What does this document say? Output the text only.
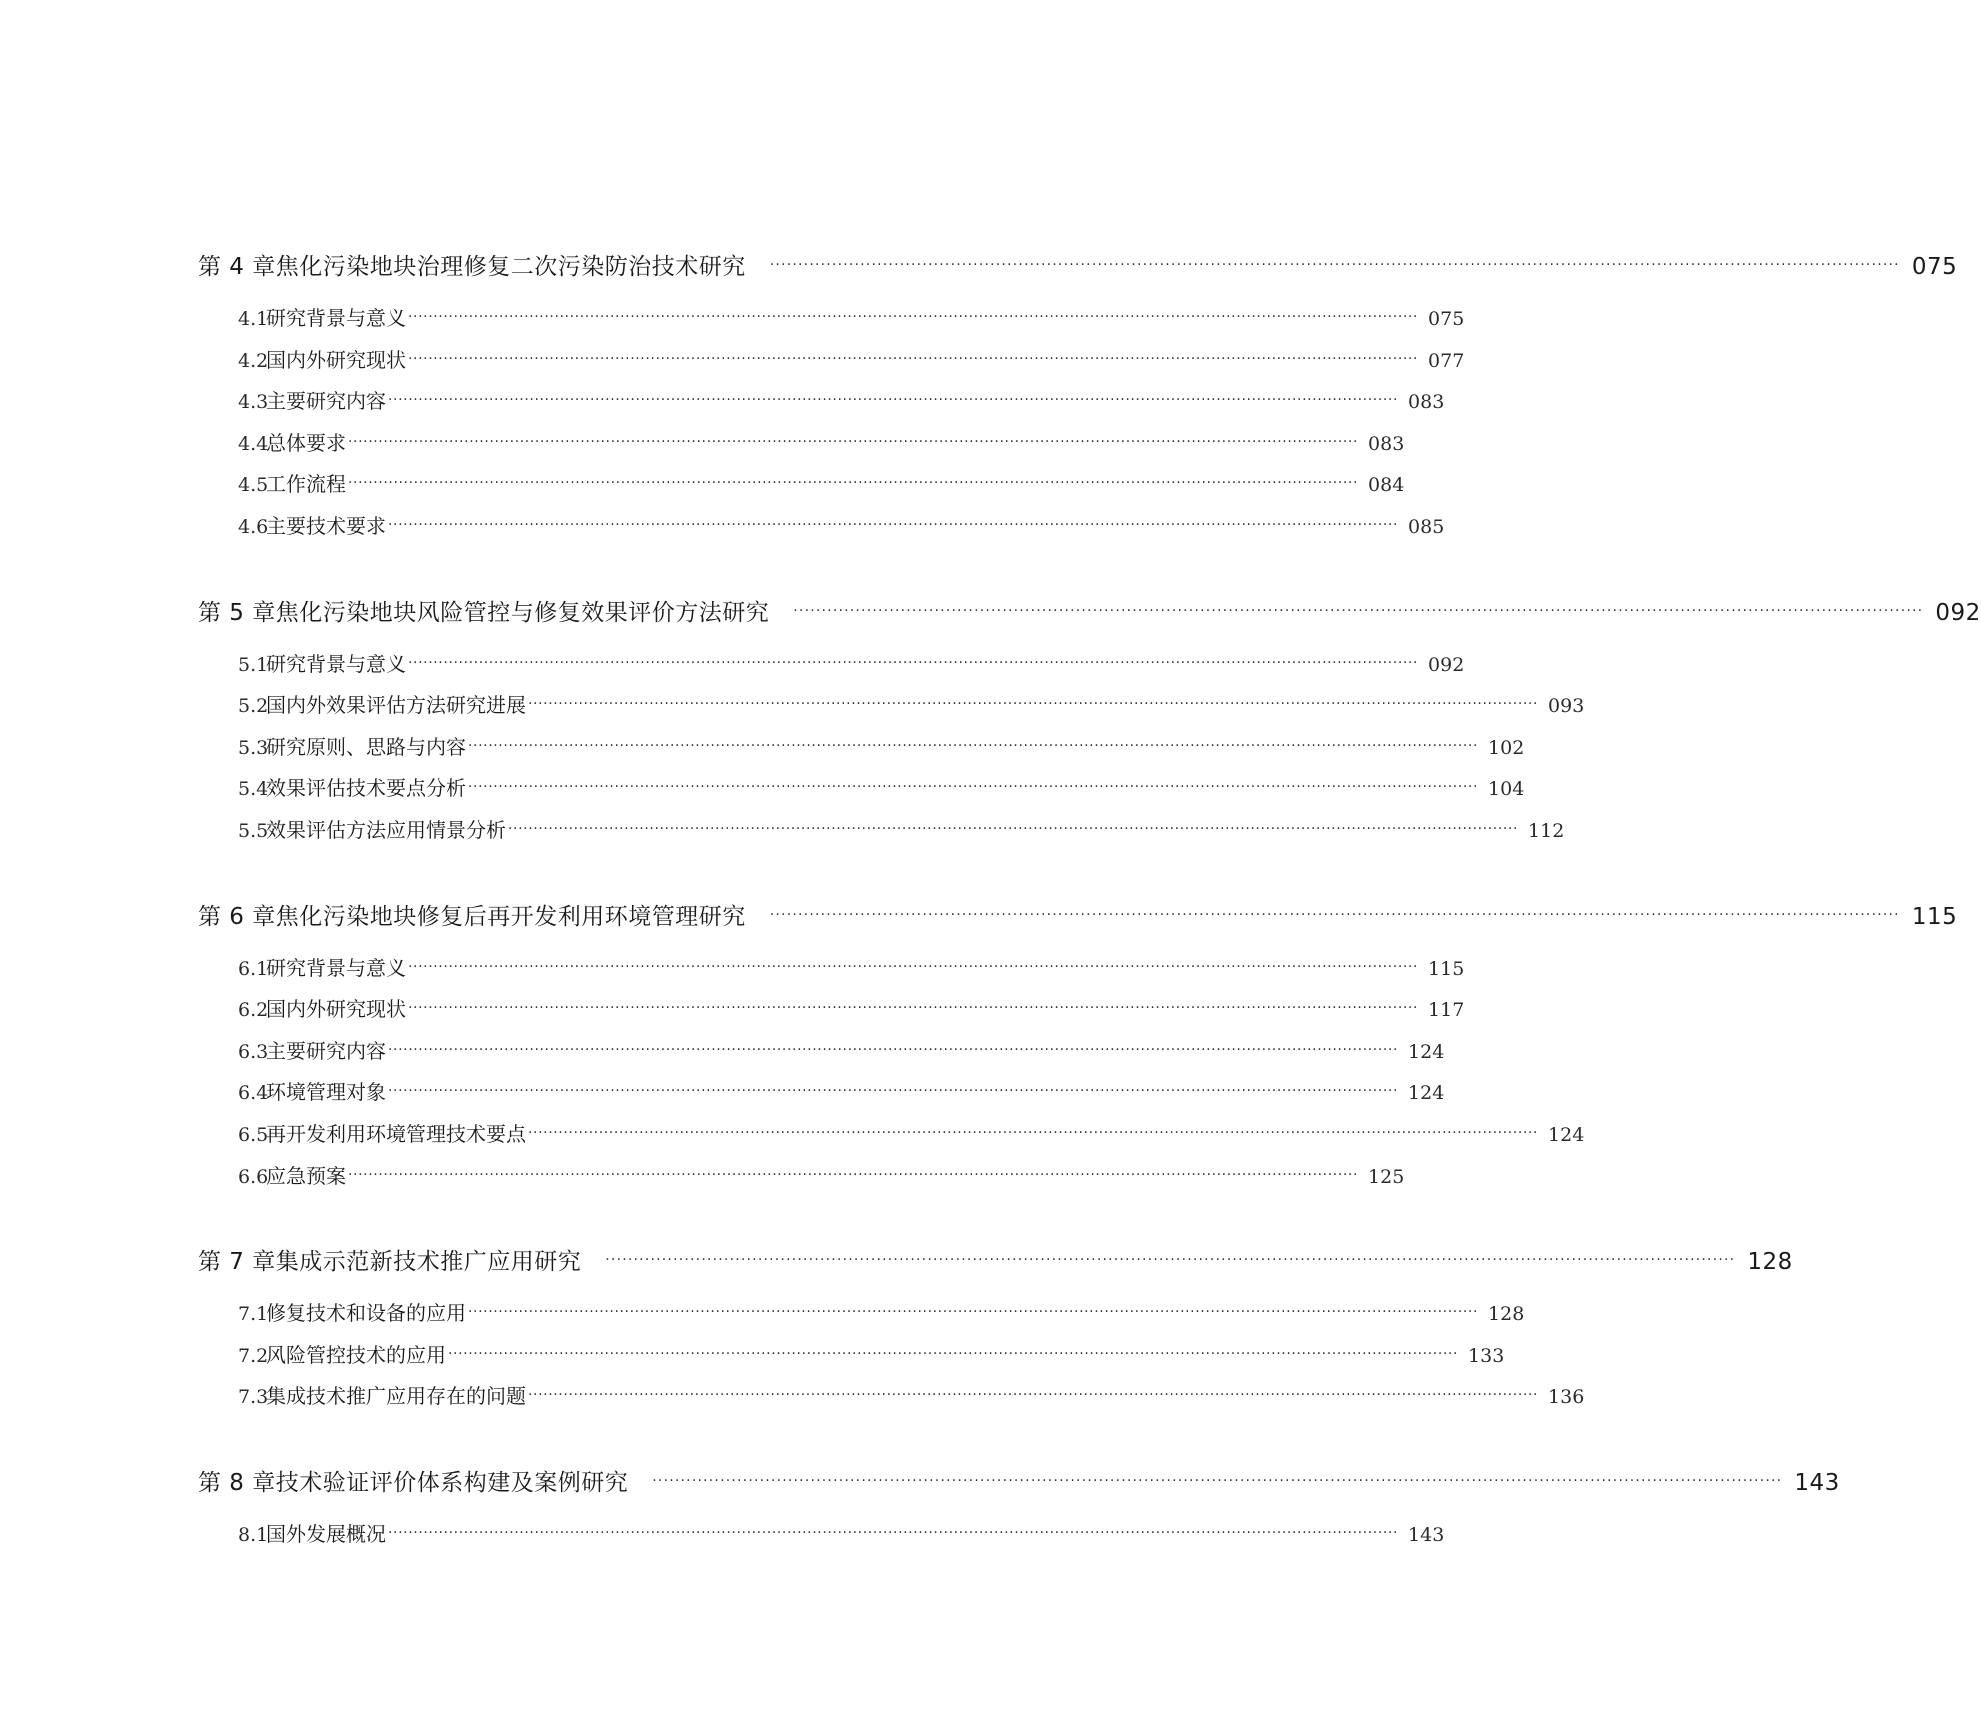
第 4 章 焦化污染地块治理修复二次污染防治技术研究 ········································································································································································································ 075
4.1
研究背景与意义 ········································································································································································································ 075
4.2
国内外研究现状 ········································································································································································································ 077
4.3
主要研究内容 ········································································································································································································ 083
4.4
总体要求 ········································································································································································································ 083
4.5
工作流程 ········································································································································································································ 084
4.6
主要技术要求 ········································································································································································································ 085
第 5 章 焦化污染地块风险管控与修复效果评价方法研究 ········································································································································································································ 092
5.1
研究背景与意义 ········································································································································································································ 092
5.2
国内外效果评估方法研究进展 ········································································································································································································ 093
5.3
研究原则、思路与内容 ········································································································································································································ 102
5.4
效果评估技术要点分析 ········································································································································································································ 104
5.5
效果评估方法应用情景分析 ········································································································································································································ 112
第 6 章 焦化污染地块修复后再开发利用环境管理研究 ········································································································································································································ 115
6.1
研究背景与意义 ········································································································································································································ 115
6.2
国内外研究现状 ········································································································································································································ 117
6.3
主要研究内容 ········································································································································································································ 124
6.4
环境管理对象 ········································································································································································································ 124
6.5
再开发利用环境管理技术要点 ········································································································································································································ 124
6.6
应急预案 ········································································································································································································ 125
第 7 章 集成示范新技术推广应用研究 ········································································································································································································ 128
7.1
修复技术和设备的应用 ········································································································································································································ 128
7.2
风险管控技术的应用 ········································································································································································································ 133
7.3
集成技术推广应用存在的问题 ········································································································································································································ 136
第 8 章 技术验证评价体系构建及案例研究 ········································································································································································································ 143
8.1
国外发展概况 ········································································································································································································ 143
